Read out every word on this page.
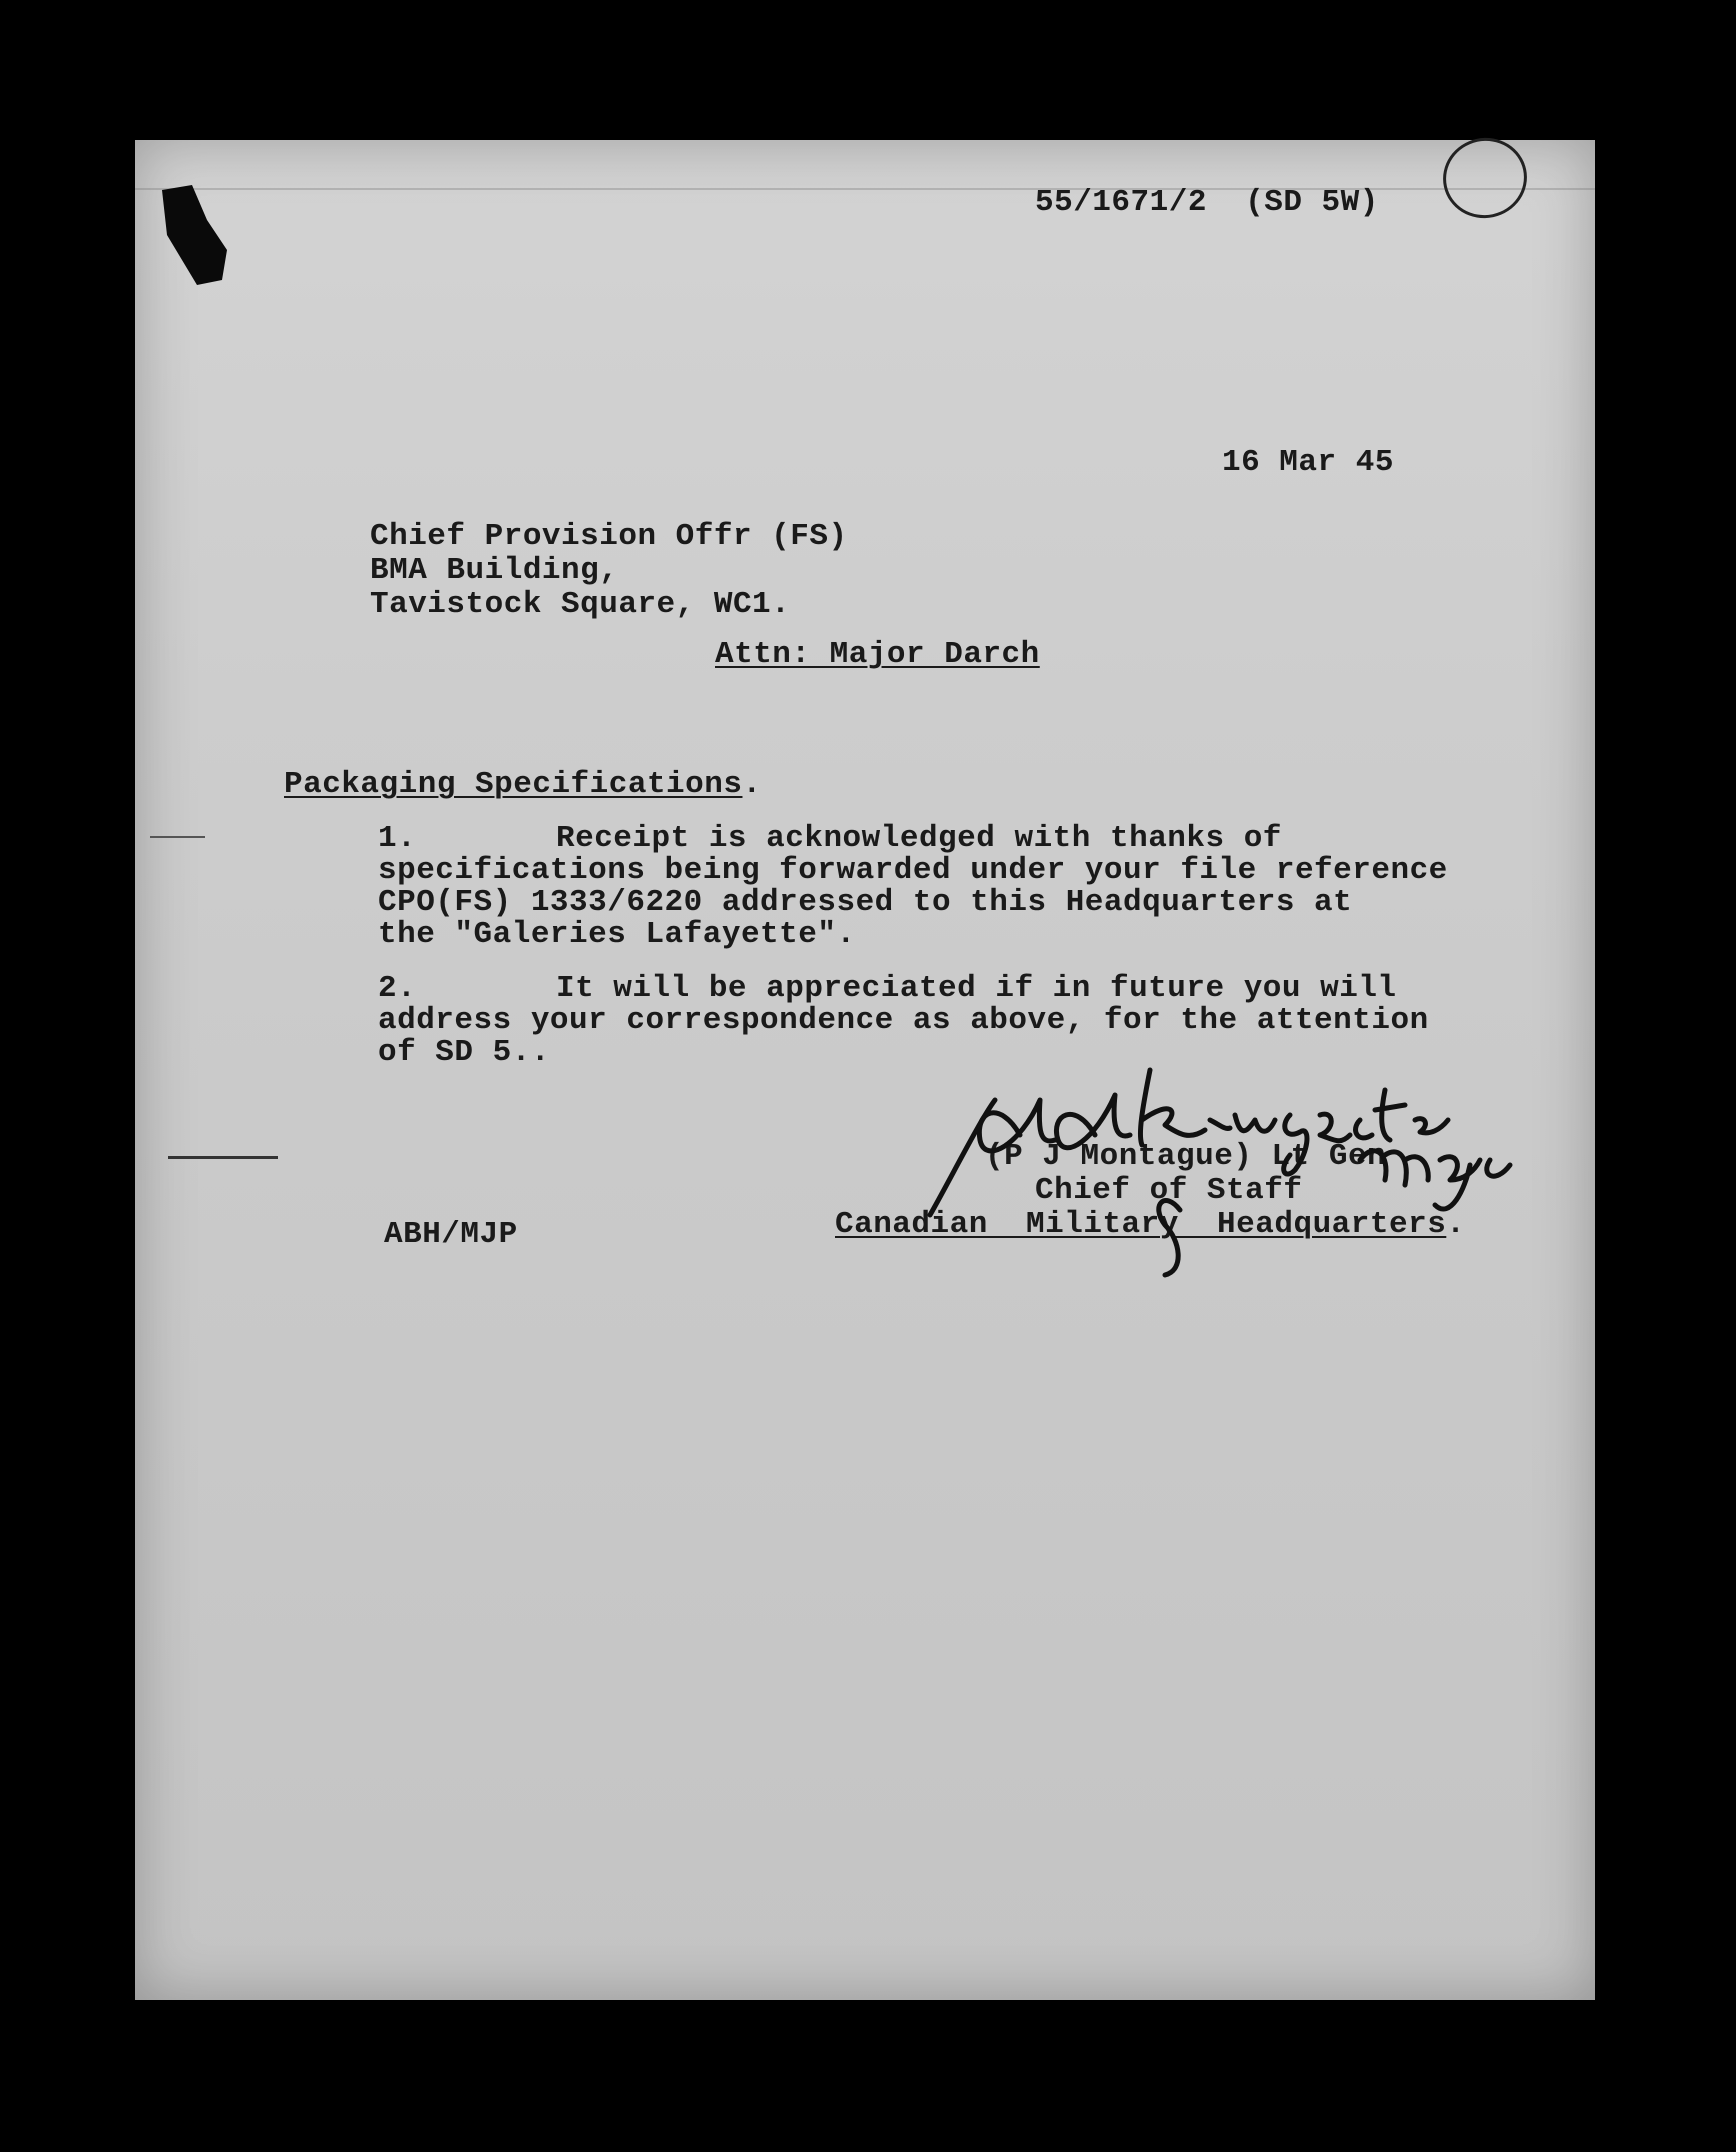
55/1671/2  (SD 5W)
16 Mar 45
Chief Provision Offr (FS)
BMA Building,
Tavistock Square, WC1.
Attn: Major Darch
Packaging Specifications.
1.	Receipt is acknowledged with thanks of
specifications being forwarded under your file reference
CPO(FS) 1333/6220 addressed to this Headquarters at
the "Galeries Lafayette".
2.	It will be appreciated if in future you will
address your correspondence as above, for the attention
of SD 5..
(P J Montague) Lt Gen
Chief of Staff
Canadian  Military  Headquarters.
ABH/MJP
